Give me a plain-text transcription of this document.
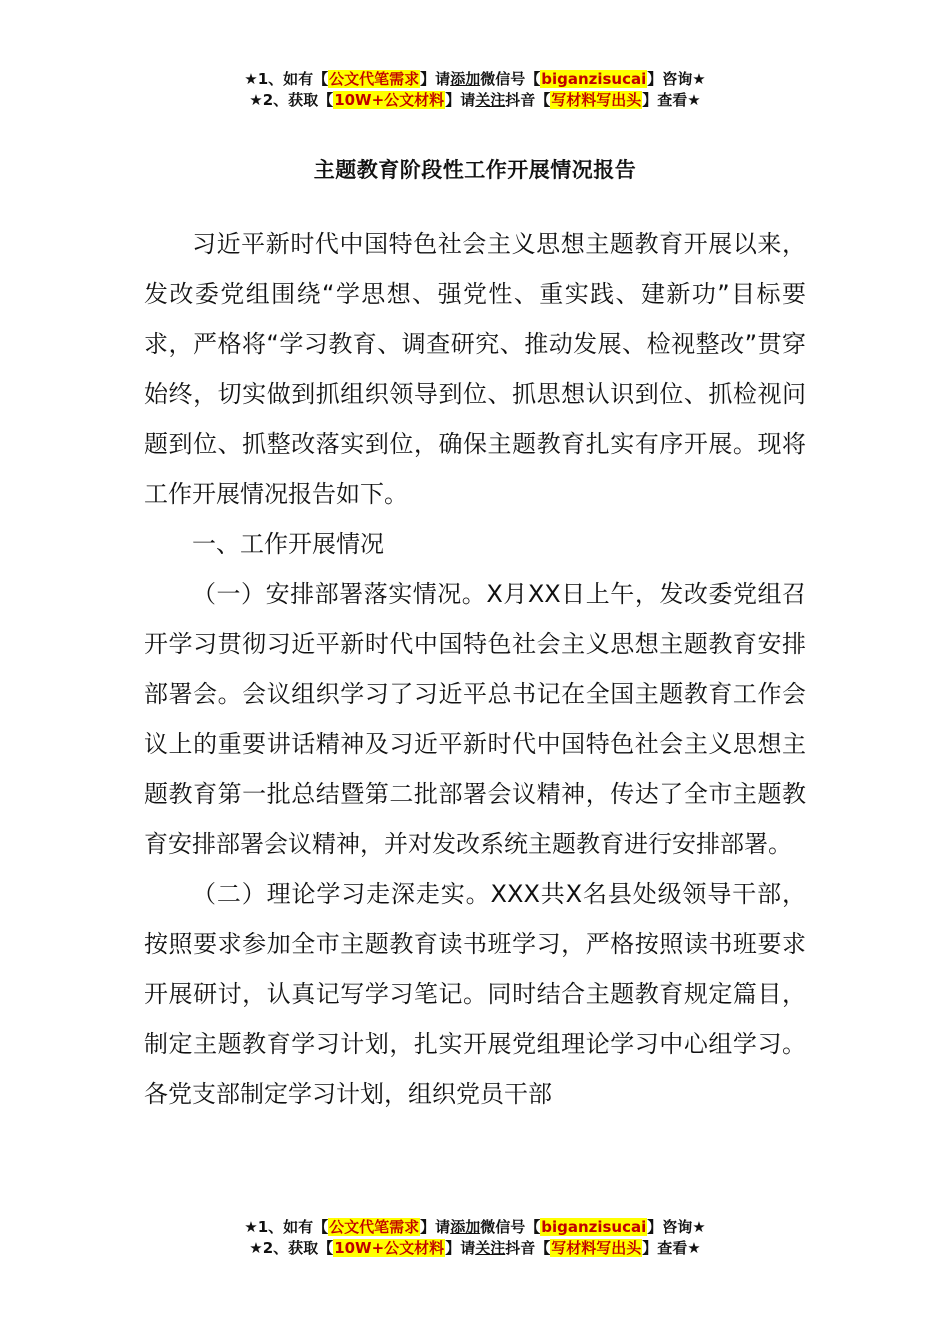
★1、如有【公文代笔需求】请添加微信号【biganzisucai】咨询★
★2、获取【10W+公文材料】请关注抖音【写材料写出头】查看★
主题教育阶段性工作开展情况报告

习近平新时代中国特色社会主义思想主题教育开展以来，发改委党组围绕“学思想、强党性、重实践、建新功”目标要求，严格将“学习教育、调查研究、推动发展、检视整改”贯穿始终，切实做到抓组织领导到位、抓思想认识到位、抓检视问题到位、抓整改落实到位，确保主题教育扎实有序开展。现将工作开展情况报告如下。

一、工作开展情况

（一）安排部署落实情况。X月XX日上午，发改委党组召开学习贯彻习近平新时代中国特色社会主义思想主题教育安排部署会。会议组织学习了习近平总书记在全国主题教育工作会议上的重要讲话精神及习近平新时代中国特色社会主义思想主题教育第一批总结暨第二批部署会议精神，传达了全市主题教育安排部署会议精神，并对发改系统主题教育进行安排部署。

（二）理论学习走深走实。XXX共X名县处级领导干部，按照要求参加全市主题教育读书班学习，严格按照读书班要求开展研讨，认真记写学习笔记。同时结合主题教育规定篇目，制定主题教育学习计划，扎实开展党组理论学习中心组学习。各党支部制定学习计划，组织党员干部

★1、如有【公文代笔需求】请添加微信号【biganzisucai】咨询★
★2、获取【10W+公文材料】请关注抖音【写材料写出头】查看★
